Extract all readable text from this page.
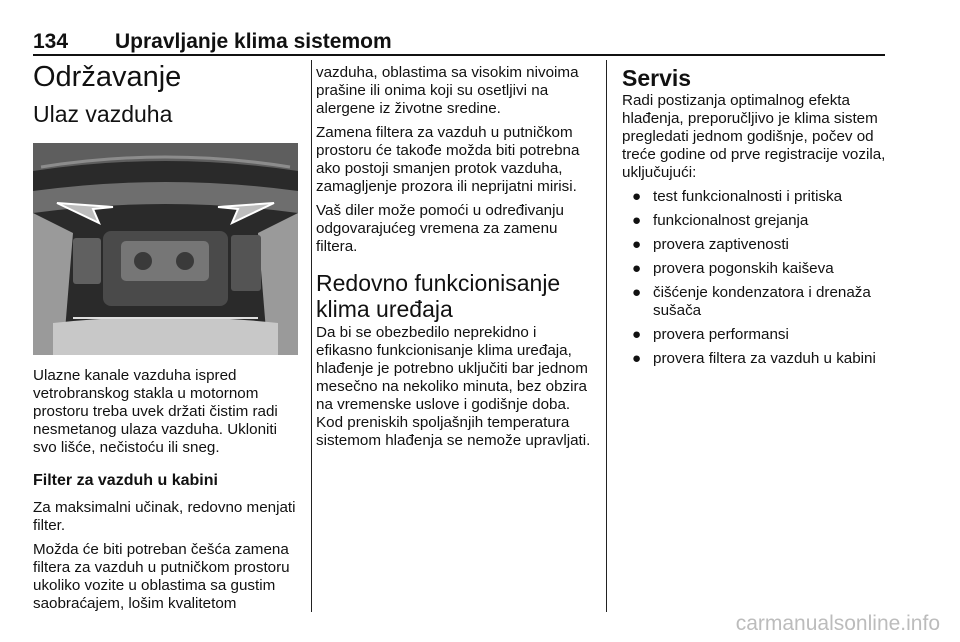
134 Upravljanje klima sistemom
Održavanje
Ulaz vazduha

Ulazne kanale vazduha ispred vetrobranskog stakla u motornom prostoru treba uvek držati čistim radi nesmetanog ulaza vazduha. Ukloniti svo lišće, nečistoću ili sneg.

Filter za vazduh u kabini

Za maksimalni učinak, redovno menjati filter.

Možda će biti potreban češća zamena filtera za vazduh u putničkom prostoru ukoliko vozite u oblastima sa gustim saobraćajem, lošim kvalitetom

vazduha, oblastima sa visokim nivoima prašine ili onima koji su osetljivi na alergene iz životne sredine.

Zamena filtera za vazduh u putničkom prostoru će takođe možda biti potrebna ako postoji smanjen protok vazduha, zamagljenje prozora ili neprijatni mirisi.

Vaš diler može pomoći u određivanju odgovarajućeg vremena za zamenu filtera.

Redovno funkcionisanje
klima uređaja

Da bi se obezbedilo neprekidno i efikasno funkcionisanje klima uređaja, hlađenje je potrebno uključiti bar jednom mesečno na nekoliko minuta, bez obzira na vremenske uslove i godišnje doba. Kod preniskih spoljašnjih temperatura sistemom hlađenja se nemože upravljati.

Servis

Radi postizanja optimalnog efekta hlađenja, preporučljivo je klima sistem pregledati jednom godišnje, počev od treće godine od prve registracije vozila, uključujući:

● test funkcionalnosti i pritiska
● funkcionalnost grejanja
● provera zaptivenosti
● provera pogonskih kaiševa
● čišćenje kondenzatora i drenaža sušača
● provera performansi
● provera filtera za vazduh u kabini
carmanualsonline.info
